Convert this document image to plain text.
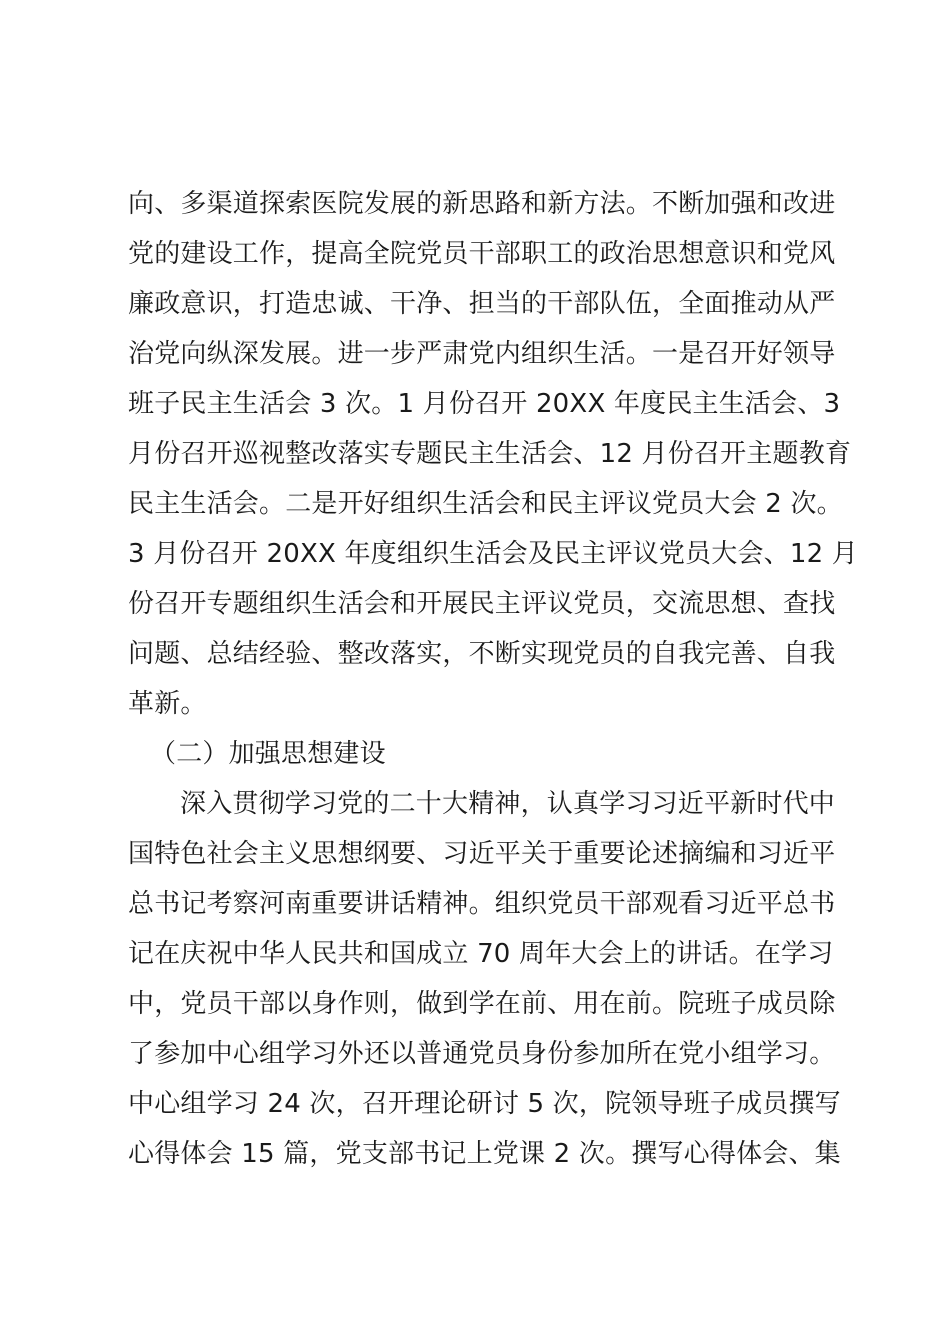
向、多渠道探索医院发展的新思路和新方法。不断加强和改进
党的建设工作，提高全院党员干部职工的政治思想意识和党风
廉政意识，打造忠诚、干净、担当的干部队伍，全面推动从严
治党向纵深发展。进一步严肃党内组织生活。一是召开好领导
班子民主生活会 3 次。1 月份召开 20XX 年度民主生活会、3
月份召开巡视整改落实专题民主生活会、12 月份召开主题教育
民主生活会。二是开好组织生活会和民主评议党员大会 2 次。
3 月份召开 20XX 年度组织生活会及民主评议党员大会、12 月
份召开专题组织生活会和开展民主评议党员，交流思想、查找
问题、总结经验、整改落实，不断实现党员的自我完善、自我
革新。
（二）加强思想建设
深入贯彻学习党的二十大精神，认真学习习近平新时代中
国特色社会主义思想纲要、习近平关于重要论述摘编和习近平
总书记考察河南重要讲话精神。组织党员干部观看习近平总书
记在庆祝中华人民共和国成立 70 周年大会上的讲话。在学习
中，党员干部以身作则，做到学在前、用在前。院班子成员除
了参加中心组学习外还以普通党员身份参加所在党小组学习。
中心组学习 24 次，召开理论研讨 5 次，院领导班子成员撰写
心得体会 15 篇，党支部书记上党课 2 次。撰写心得体会、集
